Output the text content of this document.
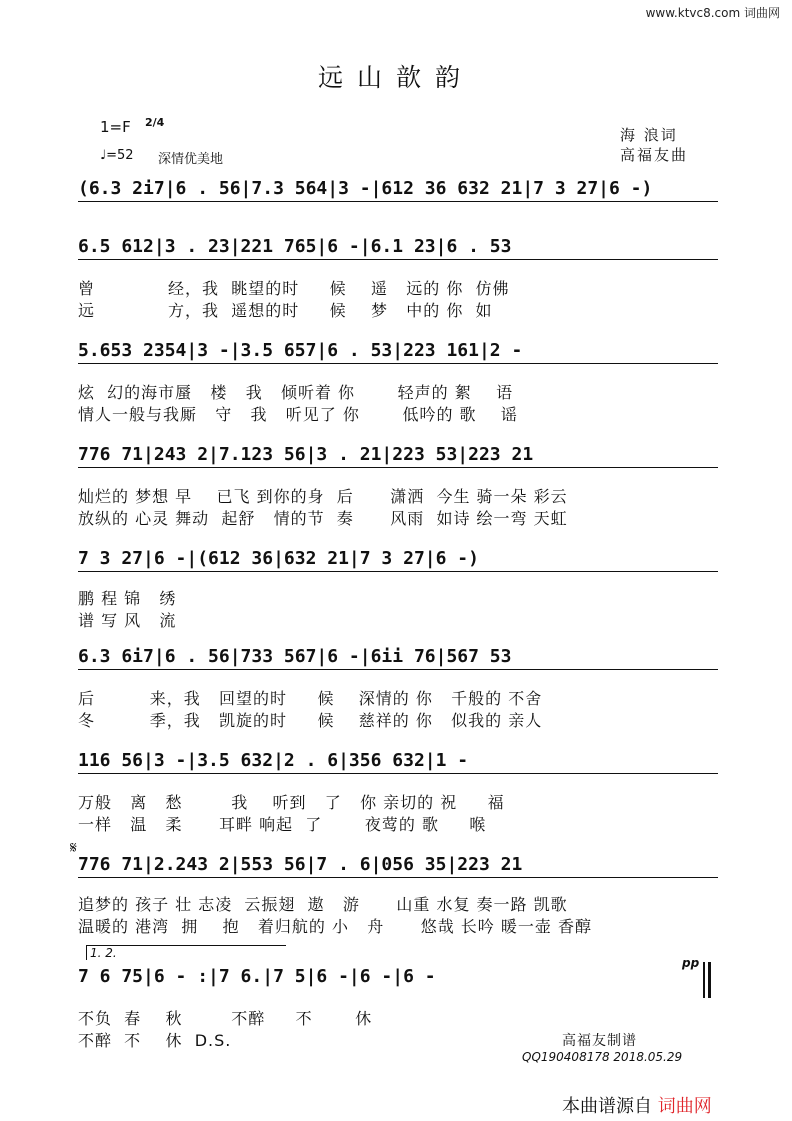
www.ktvc8.com 词曲网
远山歆韵
1=F 2/4
♩=52 深情优美地
海 浪词
高福友曲
(6.3 2i7|6 . 56|7.3 564|3 -|612 36 632 21|7 3 27|6 -)
6.5 612|3 . 23|221 765|6 -|6.1 23|6 . 53
曾            经，我  眺望的时     候    遥   远的 你  仿佛
远            方，我  遥想的时     候    梦   中的 你  如
5.653 2354|3 -|3.5 657|6 . 53|223 161|2 -
炫  幻的海市蜃   楼   我   倾听着 你       轻声的 絮    语
情人一般与我厮   守   我   听见了 你       低吟的 歌    谣
776 71|243 2|7.123 56|3 . 21|223 53|223 21
灿烂的 梦想 早    已飞 到你的身  后      潇洒  今生 骑一朵 彩云
放纵的 心灵 舞动  起舒   情的节  奏      风雨  如诗 绘一弯 天虹
7 3 27|6 -|(612 36|632 21|7 3 27|6 -)
鹏 程 锦   绣
谱 写 风   流
6.3 6i7|6 . 56|733 567|6 -|6ii 76|567 53
后         来，我   回望的时     候    深情的 你   千般的 不舍
冬         季，我   凯旋的时     候    慈祥的 你   似我的 亲人
116 56|3 -|3.5 632|2 . 6|356 632|1 -
万般   离   愁        我    听到   了   你 亲切的 祝     福
一样   温   柔      耳畔 响起  了       夜莺的 歌     喉
𝄋
776 71|2.243 2|553 56|7 . 6|056 35|223 21
追梦的 孩子 壮 志凌  云振翅  遨   游      山重 水复 奏一路 凯歌
温暖的 港湾  拥    抱   着归航的 小   舟      悠哉 长吟 暖一壶 香醇
1. 2.
pp
7 6 75|6 - :|7 6.|7 5|6 -|6 -|6 -
不负  春    秋        不醉     不       休
不醉  不    休  D.S.	高福友制谱
QQ190408178 2018.05.29
本曲谱源自 词曲网
